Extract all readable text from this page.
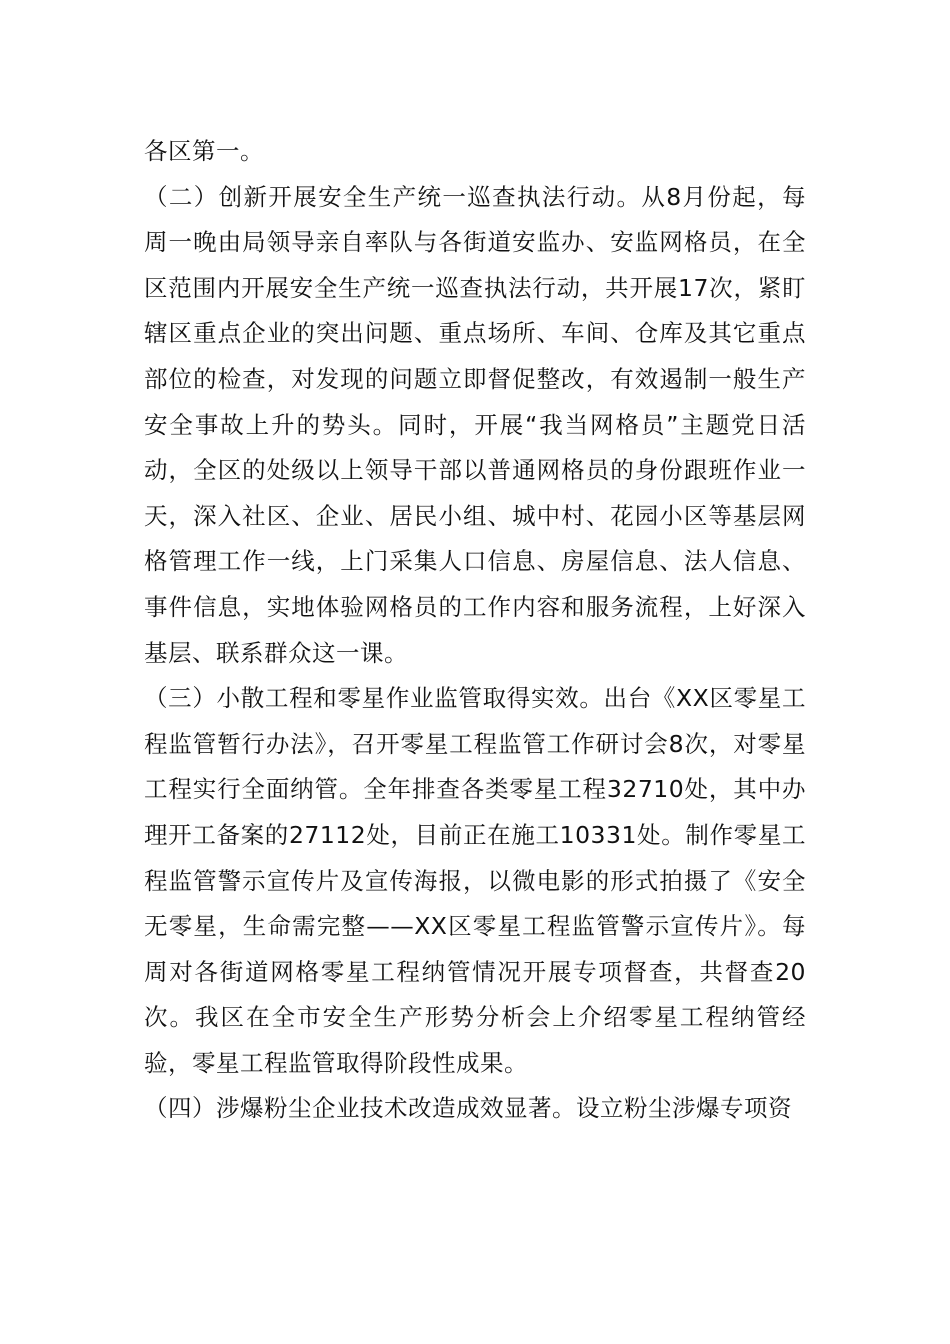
各区第一。

（二）创新开展安全生产统一巡查执法行动。从8月份起，每周一晚由局领导亲自率队与各街道安监办、安监网格员，在全区范围内开展安全生产统一巡查执法行动，共开展17次，紧盯辖区重点企业的突出问题、重点场所、车间、仓库及其它重点部位的检查，对发现的问题立即督促整改，有效遏制一般生产安全事故上升的势头。同时，开展“我当网格员”主题党日活动，全区的处级以上领导干部以普通网格员的身份跟班作业一天，深入社区、企业、居民小组、城中村、花园小区等基层网格管理工作一线，上门采集人口信息、房屋信息、法人信息、事件信息，实地体验网格员的工作内容和服务流程，上好深入基层、联系群众这一课。

（三）小散工程和零星作业监管取得实效。出台《XX区零星工程监管暂行办法》，召开零星工程监管工作研讨会8次，对零星工程实行全面纳管。全年排查各类零星工程32710处，其中办理开工备案的27112处，目前正在施工10331处。制作零星工程监管警示宣传片及宣传海报，以微电影的形式拍摄了《安全无零星，生命需完整——XX区零星工程监管警示宣传片》。每周对各街道网格零星工程纳管情况开展专项督查，共督查20次。我区在全市安全生产形势分析会上介绍零星工程纳管经验，零星工程监管取得阶段性成果。

（四）涉爆粉尘企业技术改造成效显著。设立粉尘涉爆专项资
